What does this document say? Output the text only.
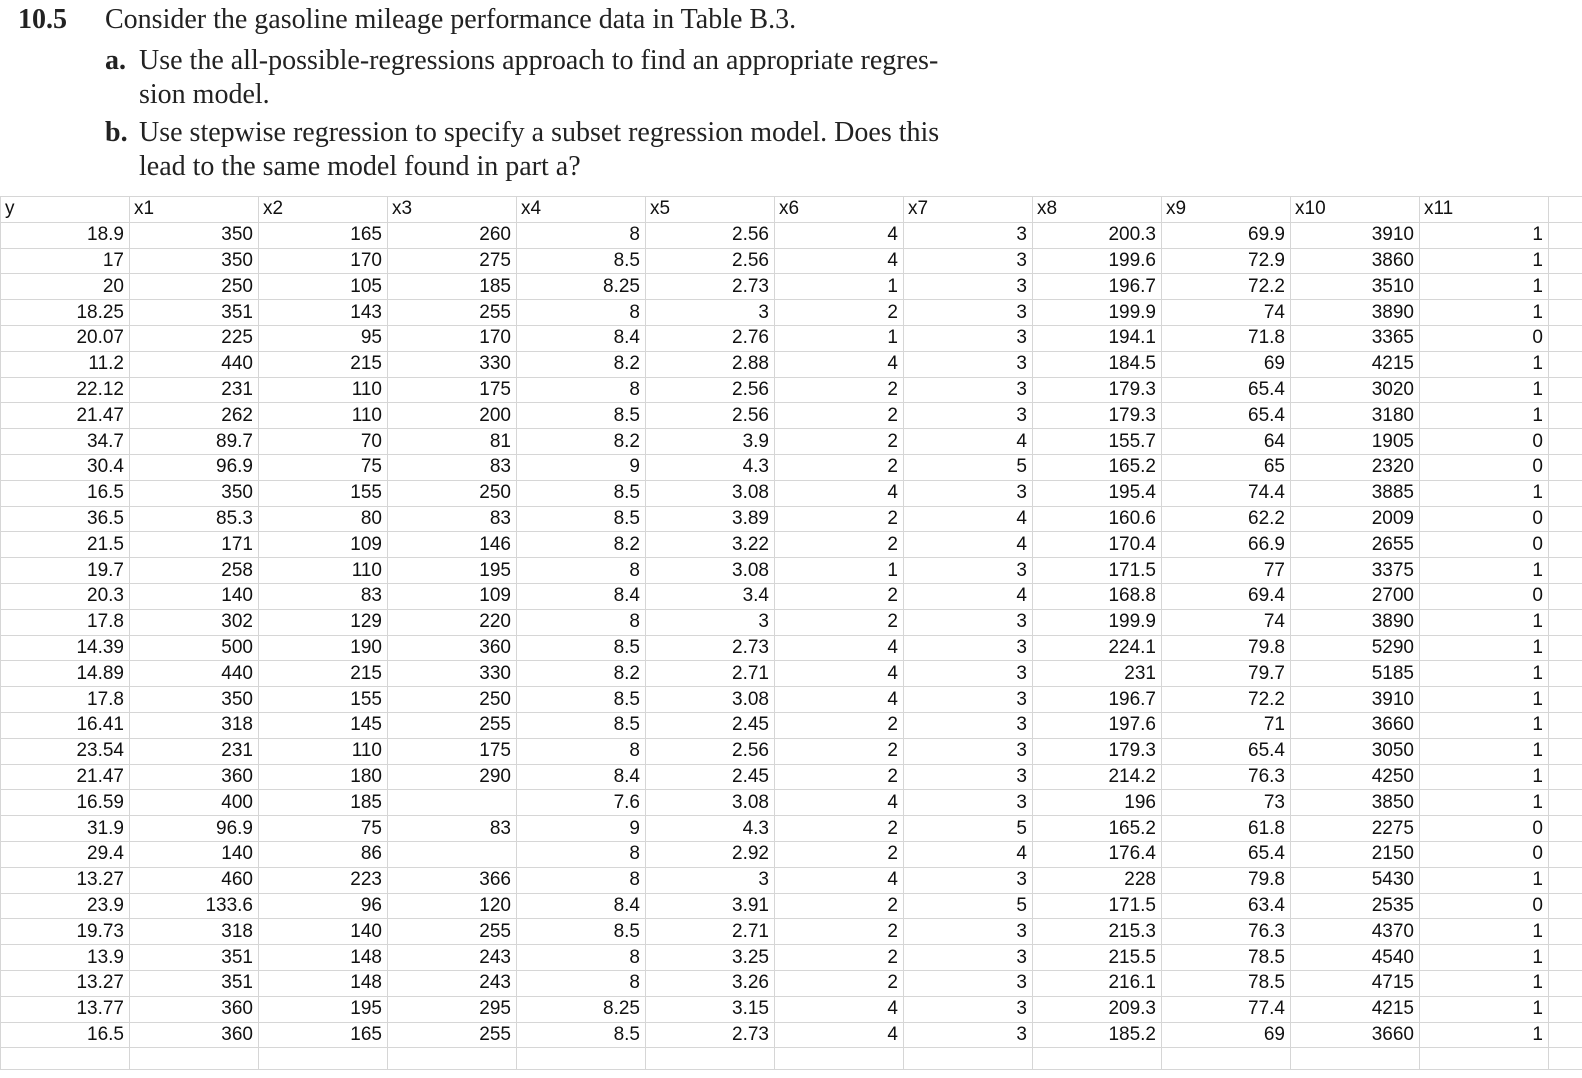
10.5 Consider the gasoline mileage performance data in Table B.3.
a. Use the all-possible-regressions approach to find an appropriate regres-
sion model.
b. Use stepwise regression to specify a subset regression model. Does this
lead to the same model found in part a?
y	x1	x2	x3	x4	x5	x6	x7	x8	x9	x10	x11	
18.9	350	165	260	8	2.56	4	3	200.3	69.9	3910	1	
17	350	170	275	8.5	2.56	4	3	199.6	72.9	3860	1	
20	250	105	185	8.25	2.73	1	3	196.7	72.2	3510	1	
18.25	351	143	255	8	3	2	3	199.9	74	3890	1	
20.07	225	95	170	8.4	2.76	1	3	194.1	71.8	3365	0	
11.2	440	215	330	8.2	2.88	4	3	184.5	69	4215	1	
22.12	231	110	175	8	2.56	2	3	179.3	65.4	3020	1	
21.47	262	110	200	8.5	2.56	2	3	179.3	65.4	3180	1	
34.7	89.7	70	81	8.2	3.9	2	4	155.7	64	1905	0	
30.4	96.9	75	83	9	4.3	2	5	165.2	65	2320	0	
16.5	350	155	250	8.5	3.08	4	3	195.4	74.4	3885	1	
36.5	85.3	80	83	8.5	3.89	2	4	160.6	62.2	2009	0	
21.5	171	109	146	8.2	3.22	2	4	170.4	66.9	2655	0	
19.7	258	110	195	8	3.08	1	3	171.5	77	3375	1	
20.3	140	83	109	8.4	3.4	2	4	168.8	69.4	2700	0	
17.8	302	129	220	8	3	2	3	199.9	74	3890	1	
14.39	500	190	360	8.5	2.73	4	3	224.1	79.8	5290	1	
14.89	440	215	330	8.2	2.71	4	3	231	79.7	5185	1	
17.8	350	155	250	8.5	3.08	4	3	196.7	72.2	3910	1	
16.41	318	145	255	8.5	2.45	2	3	197.6	71	3660	1	
23.54	231	110	175	8	2.56	2	3	179.3	65.4	3050	1	
21.47	360	180	290	8.4	2.45	2	3	214.2	76.3	4250	1	
16.59	400	185		7.6	3.08	4	3	196	73	3850	1	
31.9	96.9	75	83	9	4.3	2	5	165.2	61.8	2275	0	
29.4	140	86		8	2.92	2	4	176.4	65.4	2150	0	
13.27	460	223	366	8	3	4	3	228	79.8	5430	1	
23.9	133.6	96	120	8.4	3.91	2	5	171.5	63.4	2535	0	
19.73	318	140	255	8.5	2.71	2	3	215.3	76.3	4370	1	
13.9	351	148	243	8	3.25	2	3	215.5	78.5	4540	1	
13.27	351	148	243	8	3.26	2	3	216.1	78.5	4715	1	
13.77	360	195	295	8.25	3.15	4	3	209.3	77.4	4215	1	
16.5	360	165	255	8.5	2.73	4	3	185.2	69	3660	1	
